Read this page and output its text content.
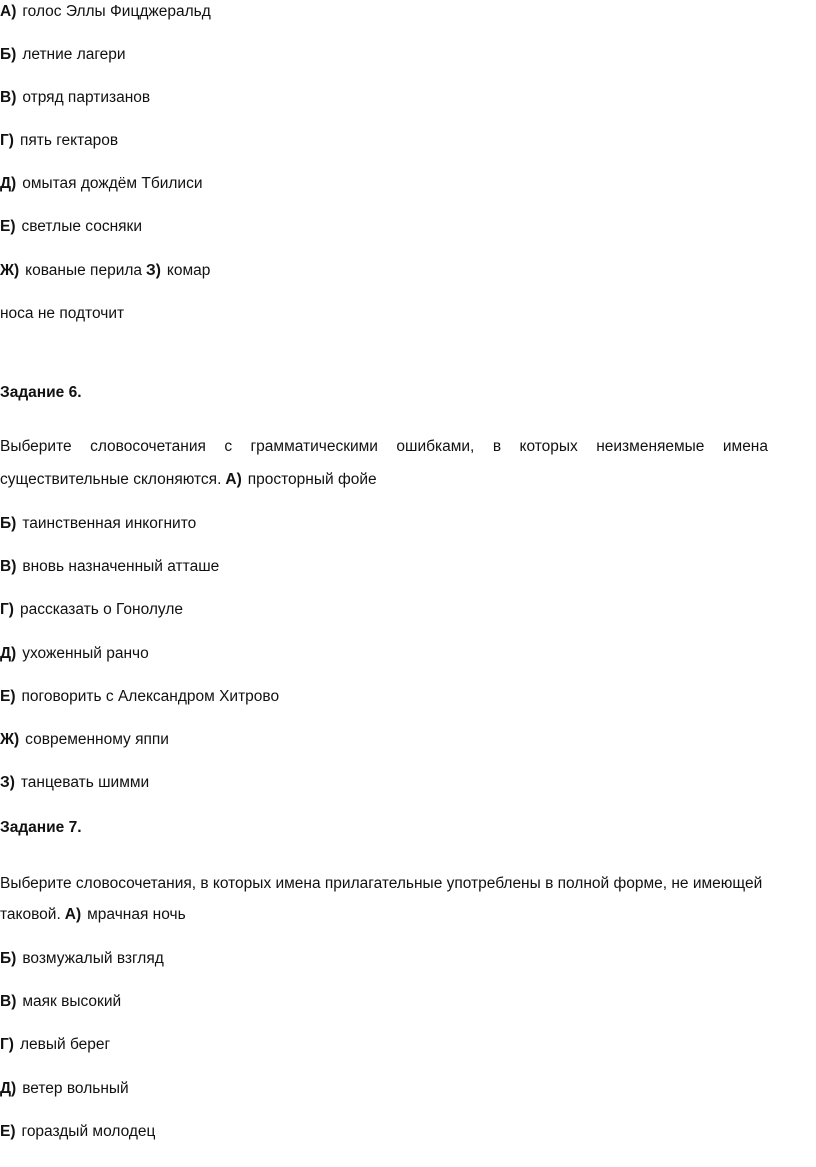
А) голос Эллы Фицджеральд
Б) летние лагери
В) отряд партизанов
Г) пять гектаров
Д) омытая дождём Тбилиси
Е) светлые сосняки
Ж) кованые перила З) комар
носа не подточит
Задание 6.
Выберите словосочетания с грамматическими ошибками, в которых неизменяемые имена
существительные склоняются. А) просторный фойе
Б) таинственная инкогнито
В) вновь назначенный атташе
Г) рассказать о Гонолуле
Д) ухоженный ранчо
Е) поговорить с Александром Хитрово
Ж) современному яппи
З) танцевать шимми
Задание 7.
Выберите словосочетания, в которых имена прилагательные употреблены в полной форме, не имеющей
таковой. А) мрачная ночь
Б) возмужалый взгляд
В) маяк высокий
Г) левый берег
Д) ветер вольный
Е) гораздый молодец
